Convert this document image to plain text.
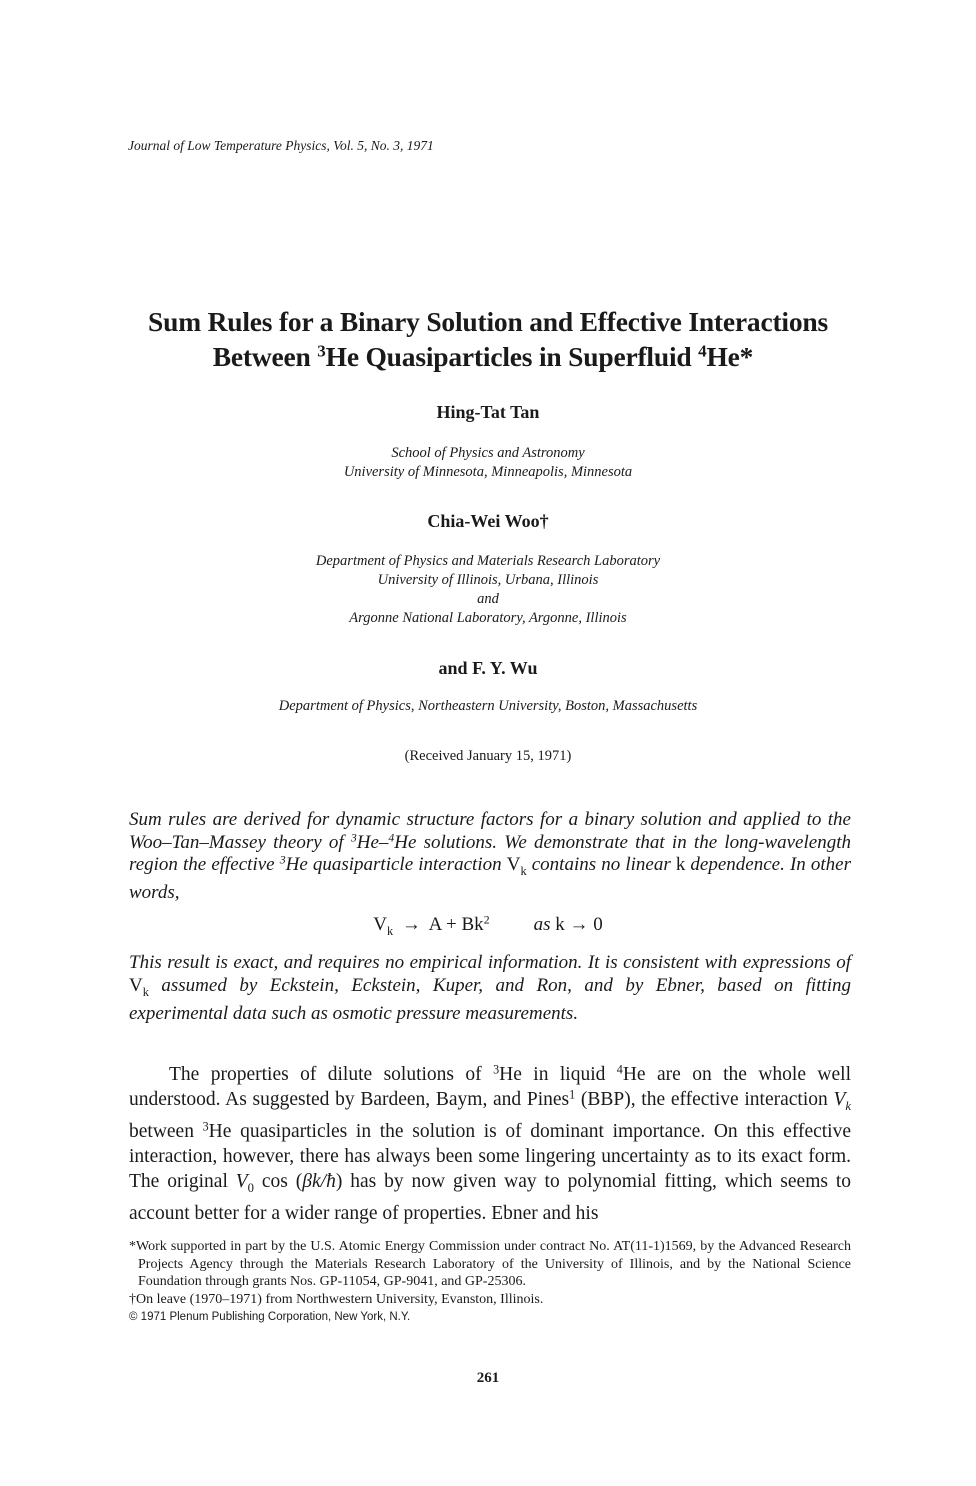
Journal of Low Temperature Physics, Vol. 5, No. 3, 1971
Sum Rules for a Binary Solution and Effective Interactions
Between $^3$He Quasiparticles in Superfluid $^4$He*
Hing-Tat Tan
School of Physics and Astronomy
University of Minnesota, Minneapolis, Minnesota
Chia-Wei Woo†
Department of Physics and Materials Research Laboratory
University of Illinois, Urbana, Illinois
and
Argonne National Laboratory, Argonne, Illinois
and F. Y. Wu
Department of Physics, Northeastern University, Boston, Massachusetts
(Received January 15, 1971)

Sum rules are derived for dynamic structure factors for a binary solution and applied to the Woo–Tan–Massey theory of $^3$He–$^4$He solutions. We demonstrate that in the long-wavelength region the effective $^3$He quasiparticle interaction $V_k$ contains no linear k dependence. In other words,

$V_k \to A + Bk^2$ as k → 0

This result is exact, and requires no empirical information. It is consistent with expressions of $V_k$ assumed by Eckstein, Eckstein, Kuper, and Ron, and by Ebner, based on fitting experimental data such as osmotic pressure measurements.

The properties of dilute solutions of $^3$He in liquid $^4$He are on the whole well understood. As suggested by Bardeen, Baym, and Pines$^1$ (BBP), the effective interaction $V_k$ between $^3$He quasiparticles in the solution is of dominant importance. On this effective interaction, however, there has always been some lingering uncertainty as to its exact form. The original $V_0$ cos (βk/ħ) has by now given way to polynomial fitting, which seems to account better for a wider range of properties. Ebner and his

*Work supported in part by the U.S. Atomic Energy Commission under contract No. AT(11-1)1569, by the Advanced Research Projects Agency through the Materials Research Laboratory of the University of Illinois, and by the National Science Foundation through grants Nos. GP-11054, GP-9041, and GP-25306.

†On leave (1970–1971) from Northwestern University, Evanston, Illinois.

© 1971 Plenum Publishing Corporation, New York, N.Y.

261
